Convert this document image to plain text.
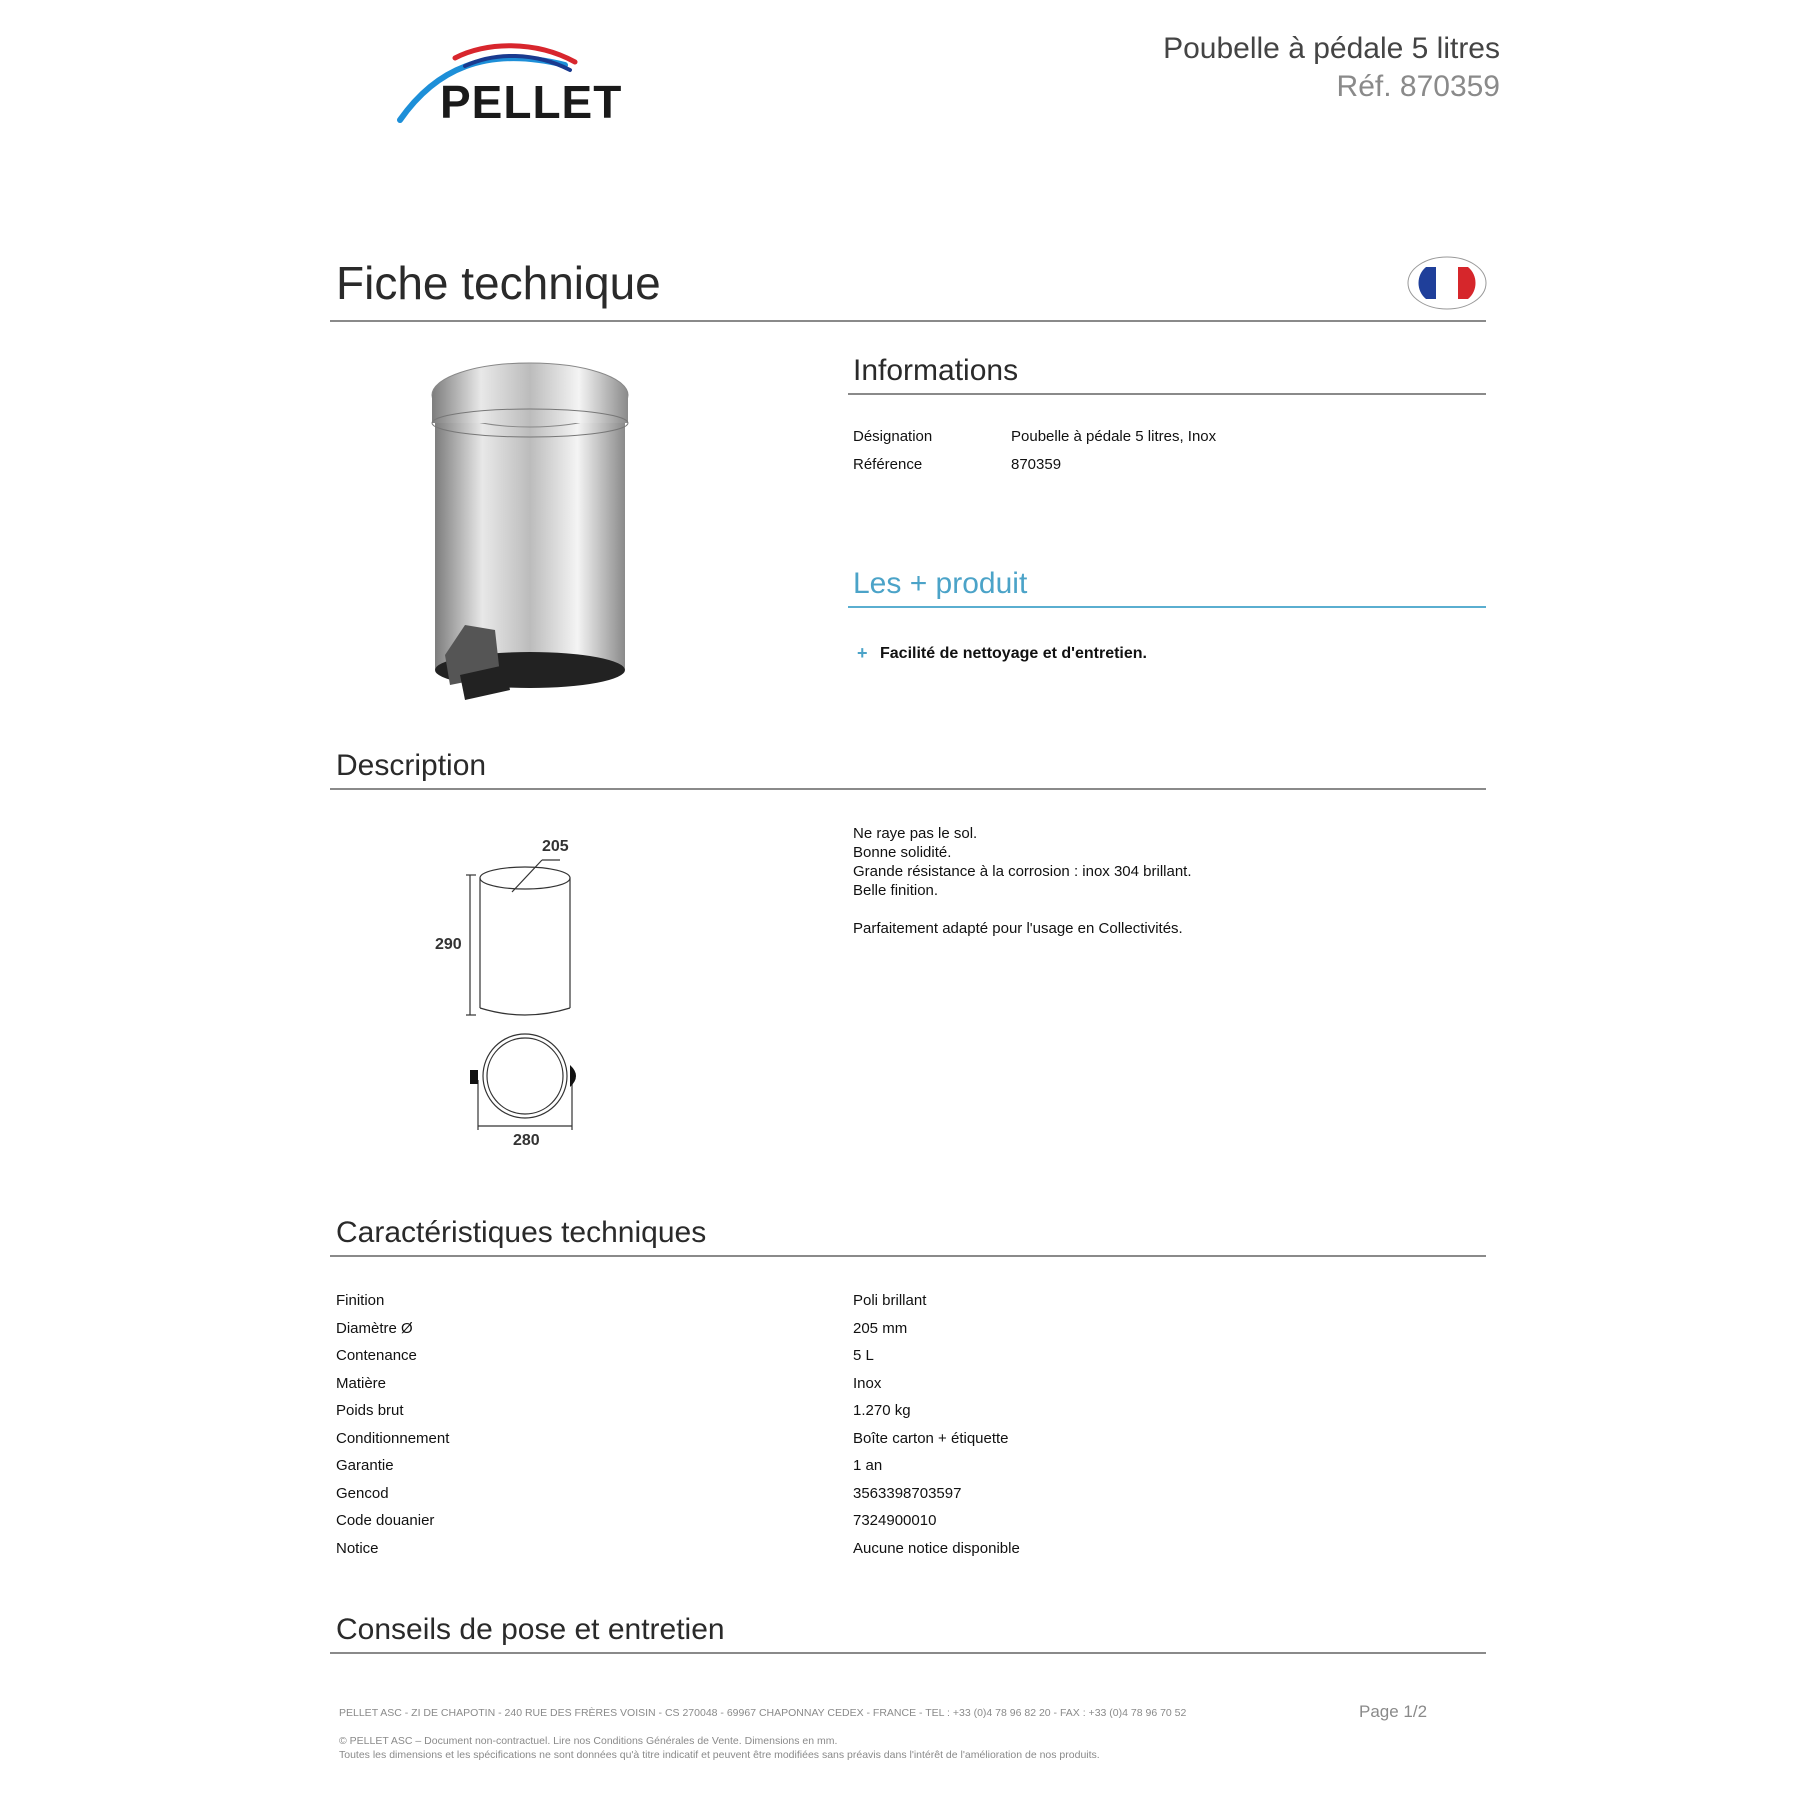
PELLET
Poubelle à pédale 5 litres
Réf. 870359
Fiche technique
Informations
Désignation	Poubelle à pédale 5 litres, Inox
Référence	870359
Les + produit
+ Facilité de nettoyage et d'entretien.
Description
205
290
280

Ne raye pas le sol.

Bonne solidité.

Grande résistance à la corrosion : inox 304 brillant.

Belle finition.

Parfaitement adapté pour l'usage en Collectivités.

Caractéristiques techniques
Finition	Poli brillant
Diamètre Ø	205 mm
Contenance	5 L
Matière	Inox
Poids brut	1.270 kg
Conditionnement	Boîte carton + étiquette
Garantie	1 an
Gencod	3563398703597
Code douanier	7324900010
Notice	Aucune notice disponible
Conseils de pose et entretien
PELLET ASC - ZI DE CHAPOTIN - 240 RUE DES FRÈRES VOISIN - CS 270048 - 69967 CHAPONNAY CEDEX - FRANCE - TEL : +33 (0)4 78 96 82 20 - FAX : +33 (0)4 78 96 70 52	Page 1/2
© PELLET ASC – Document non-contractuel. Lire nos Conditions Générales de Vente. Dimensions en mm.
Toutes les dimensions et les spécifications ne sont données qu'à titre indicatif et peuvent être modifiées sans préavis dans l'intérêt de l'amélioration de nos produits.
